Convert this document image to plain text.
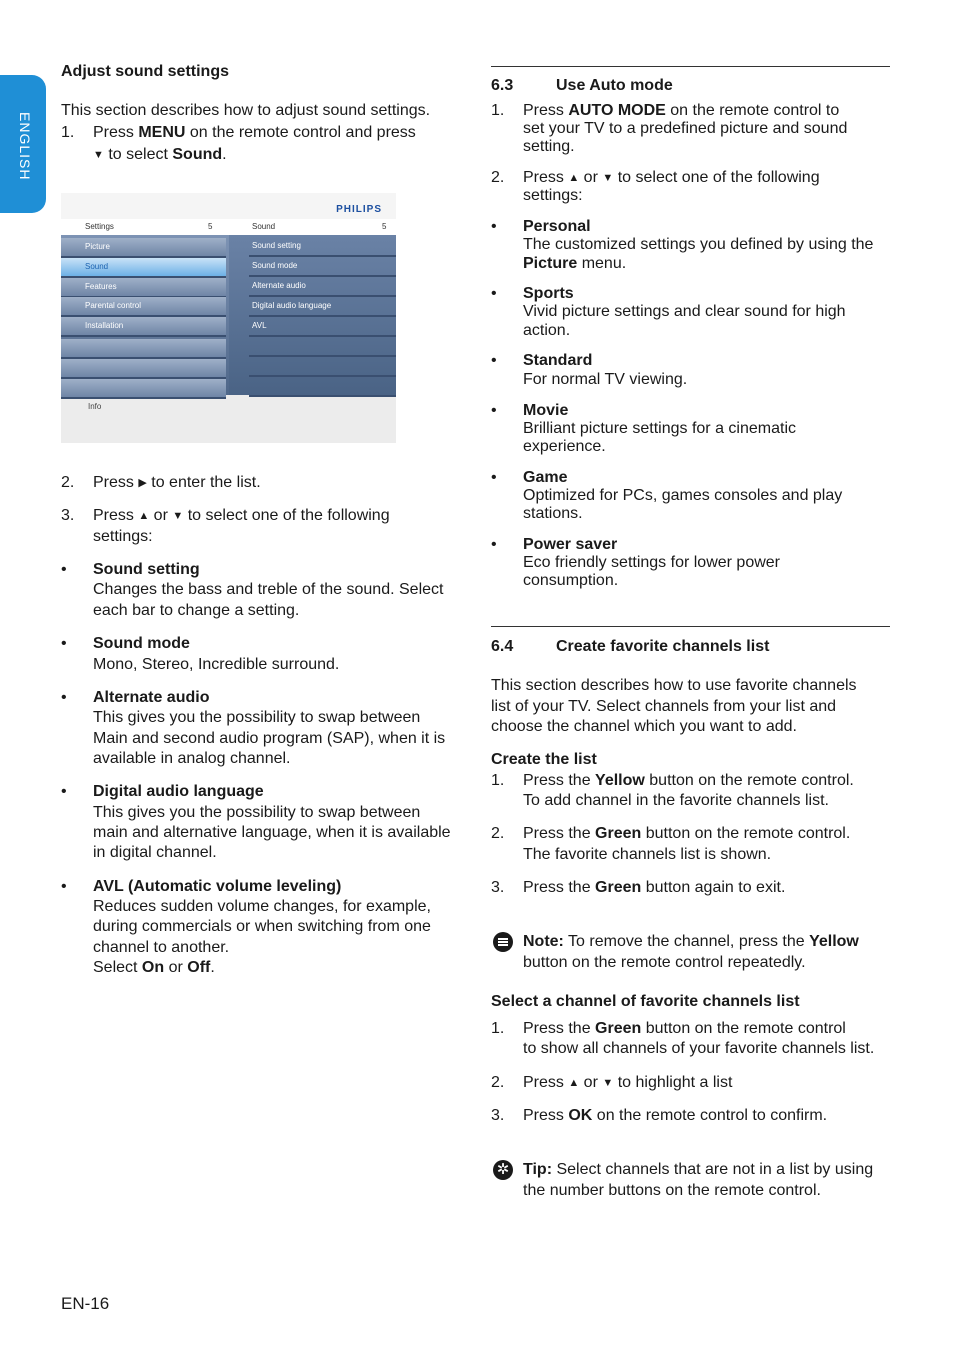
ENGLISH
Adjust sound settings
This section describes how to adjust sound settings.
1. Press MENU on the remote control and press
▼ to select Sound.
PHILIPS
Settings	5	Sound	5
Picture
Sound
Features
Parental control
Installation
Sound setting
Sound mode
Alternate audio
Digital audio language
AVL
Info
2. Press ▶ to enter the list.
3. Press ▲ or ▼ to select one of the following
settings:
• Sound setting
Changes the bass and treble of the sound. Select
each bar to change a setting.
• Sound mode
Mono, Stereo, Incredible surround.
• Alternate audio
This gives you the possibility to swap between
Main and second audio program (SAP), when it is
available in analog channel.
• Digital audio language
This gives you the possibility to swap between
main and alternative language, when it is available
in digital channel.
• AVL (Automatic volume leveling)
Reduces sudden volume changes, for example,
during commercials or when switching from one
channel to another.
Select On or Off.
6.3	Use Auto mode
1. Press AUTO MODE on the remote control to
set your TV to a predefined picture and sound
setting.
2. Press ▲ or ▼ to select one of the following
settings:
• Personal
The customized settings you defined by using the
Picture menu.
• Sports
Vivid picture settings and clear sound for high
action.
• Standard
For normal TV viewing.
• Movie
Brilliant picture settings for a cinematic
experience.
• Game
Optimized for PCs, games consoles and play
stations.
• Power saver
Eco friendly settings for lower power
consumption.
6.4	Create favorite channels list
This section describes how to use favorite channels
list of your TV. Select channels from your list and
choose the channel which you want to add.
Create the list
1. Press the Yellow button on the remote control.
To add channel in the favorite channels list.
2. Press the Green button on the remote control.
The favorite channels list is shown.
3. Press the Green button again to exit.
Note: To remove the channel, press the Yellow
button on the remote control repeatedly.
Select a channel of favorite channels list
1. Press the Green button on the remote control
to show all channels of your favorite channels list.
2. Press ▲ or ▼ to highlight a list
3. Press OK on the remote control to confirm.
✲ Tip: Select channels that are not in a list by using
the number buttons on the remote control.
EN-16
